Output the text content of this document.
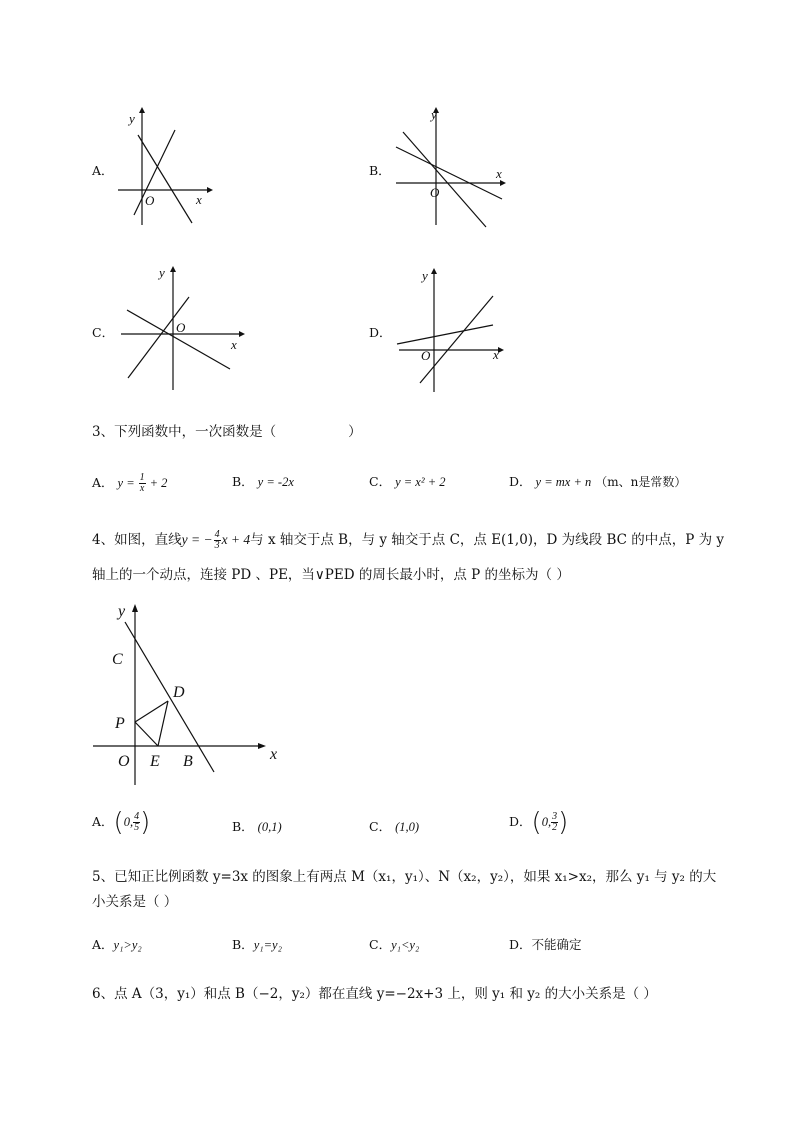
A．
y
x
O
B．
y
x
O
C．
y
x
O	D．
y
x
O
3、下列函数中，一次函数是（	）
A． $y = \frac{1}{x} + 2$	B． y = -2x	C． y = x² + 2	D． y = mx + n （m、n是常数）
4、如图，直线y = − $\frac{4}{3}$ x + 4与 x 轴交于点 B，与 y 轴交于点 C，点 E(1,0)，D 为线段 BC 的中点，P 为 y
轴上的一个动点，连接 PD 、PE，当∨PED 的周长最小时，点 P 的坐标为（ ）
y
x
C
D
P
O E B
A．(0, $\frac{4}{5}$ )	B． (0,1)	C． (1,0)	D．(0, $\frac{3}{2}$ )
5、已知正比例函数 y=3x 的图象上有两点 M（x₁，y₁）、N（x₂，y₂），如果 x₁>x₂，那么 y₁ 与 y₂ 的大
小关系是（ ）
A．y₁>y₂	B．y₁=y₂	C．y₁<y₂	D．不能确定
6、点 A（3，y₁）和点 B（−2，y₂）都在直线 y=−2x+3 上，则 y₁ 和 y₂ 的大小关系是（ ）
